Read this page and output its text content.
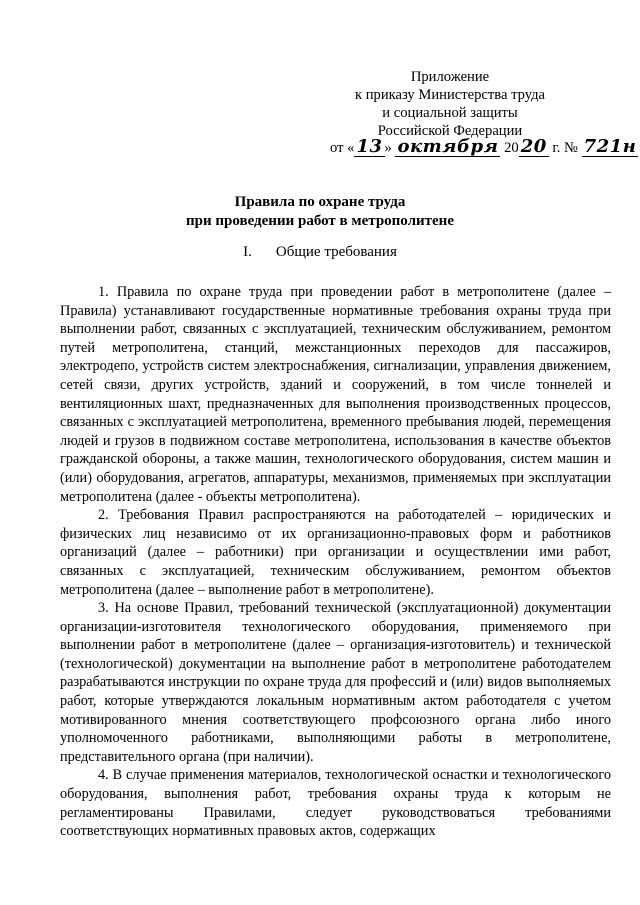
Приложение
к приказу Министерства труда
и социальной защиты
Российской Федерации
от « 13 » октября 20 20 г. № 721н
Правила по охране труда
при проведении работ в метрополитене
I. Общие требования

1. Правила по охране труда при проведении работ в метрополитене (далее – Правила) устанавливают государственные нормативные требования охраны труда при выполнении работ, связанных с эксплуатацией, техническим обслуживанием, ремонтом путей метрополитена, станций, межстанционных переходов для пассажиров, электродепо, устройств систем электроснабжения, сигнализации, управления движением, сетей связи, других устройств, зданий и сооружений, в том числе тоннелей и вентиляционных шахт, предназначенных для выполнения производственных процессов, связанных с эксплуатацией метрополитена, временного пребывания людей, перемещения людей и грузов в подвижном составе метрополитена, использования в качестве объектов гражданской обороны, а также машин, технологического оборудования, систем машин и (или) оборудования, агрегатов, аппаратуры, механизмов, применяемых при эксплуатации метрополитена (далее - объекты метрополитена).

2. Требования Правил распространяются на работодателей – юридических и физических лиц независимо от их организационно-правовых форм и работников организаций (далее – работники) при организации и осуществлении ими работ, связанных с эксплуатацией, техническим обслуживанием, ремонтом объектов метрополитена (далее – выполнение работ в метрополитене).

3. На основе Правил, требований технической (эксплуатационной) документации организации-изготовителя технологического оборудования, применяемого при выполнении работ в метрополитене (далее – организация-изготовитель) и технической (технологической) документации на выполнение работ в метрополитене работодателем разрабатываются инструкции по охране труда для профессий и (или) видов выполняемых работ, которые утверждаются локальным нормативным актом работодателя с учетом мотивированного мнения соответствующего профсоюзного органа либо иного уполномоченного работниками, выполняющими работы в метрополитене, представительного органа (при наличии).

4. В случае применения материалов, технологической оснастки и технологического оборудования, выполнения работ, требования охраны труда к которым не регламентированы Правилами, следует руководствоваться требованиями соответствующих нормативных правовых актов, содержащих
